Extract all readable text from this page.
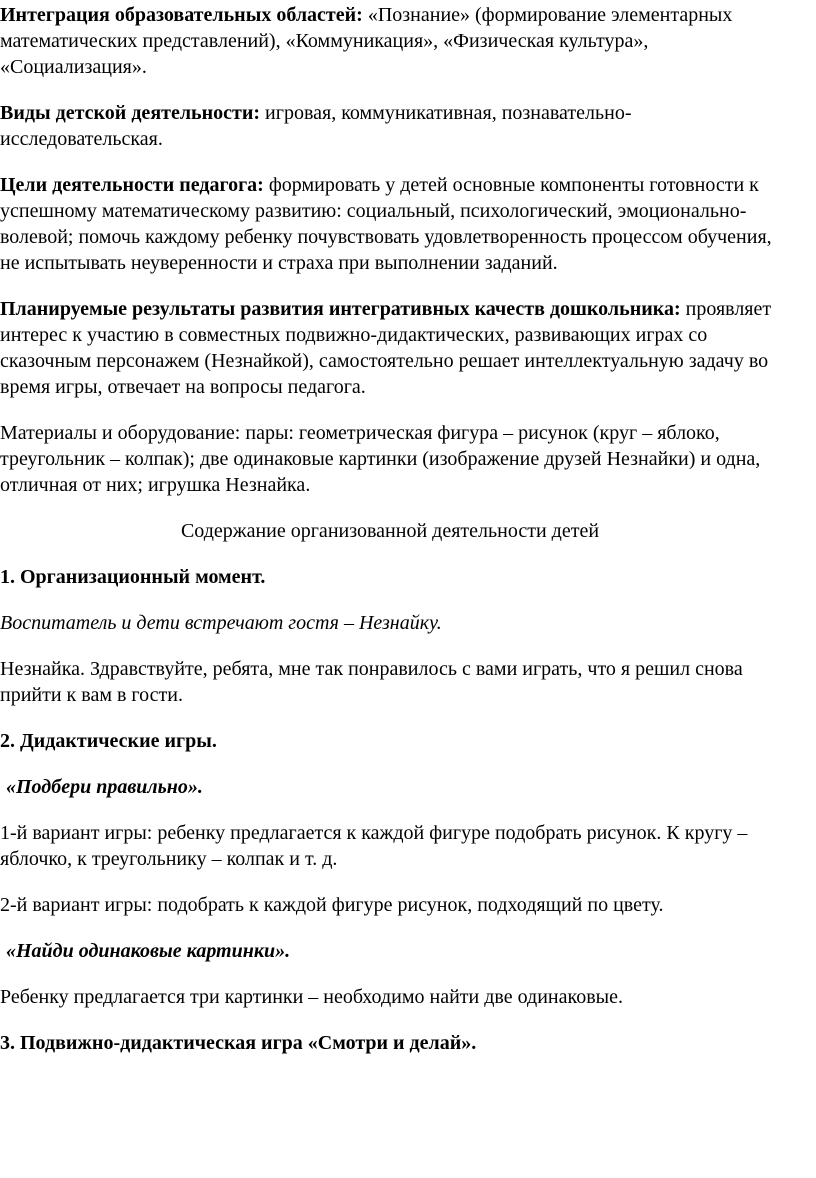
Интеграция образовательных областей: «Познание» (формирование элементарных математических представлений), «Коммуникация», «Физическая культура», «Социализация».

Виды детской деятельности: игровая, коммуникативная, познавательно-исследовательская.

Цели деятельности педагога: формировать у детей основные компоненты готовности к успешному математическому развитию: социальный, психологический, эмоционально-волевой; помочь каждому ребенку почувствовать удовлетворенность процессом обучения, не испытывать неуверенности и страха при выполнении заданий.

Планируемые результаты развития интегративных качеств дошкольника: проявляет интерес к участию в совместных подвижно-дидактических, развивающих играх со сказочным персонажем (Незнайкой), самостоятельно решает интеллектуальную задачу во время игры, отвечает на вопросы педагога.

Материалы и оборудование: пары: геометрическая фигура – рисунок (круг – яблоко, треугольник – колпак); две одинаковые картинки (изображение друзей Незнайки) и одна, отличная от них; игрушка Незнайка.

Содержание организованной деятельности детей

1. Организационный момент.

Воспитатель и дети встречают гостя – Незнайку.

Незнайка. Здравствуйте, ребята, мне так понравилось с вами играть, что я решил снова прийти к вам в гости.

2. Дидактические игры.

«Подбери правильно».

1-й вариант игры: ребенку предлагается к каждой фигуре подобрать рисунок. К кругу – яблочко, к треугольнику – колпак и т. д.

2-й вариант игры: подобрать к каждой фигуре рисунок, подходящий по цвету.

«Найди одинаковые картинки».

Ребенку предлагается три картинки – необходимо найти две одинаковые.

3. Подвижно-дидактическая игра «Смотри и делай».
